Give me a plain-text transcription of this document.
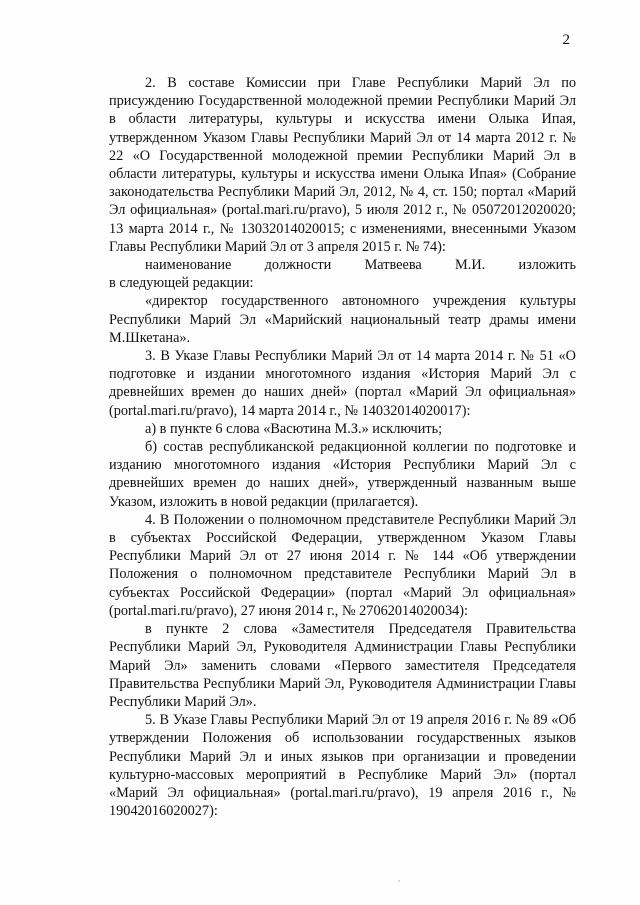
2

2. В составе Комиссии при Главе Республики Марий Эл по присуждению Государственной молодежной премии Республики Марий Эл в области литературы, культуры и искусства имени Олыка Ипая, утвержденном Указом Главы Республики Марий Эл от 14 марта 2012 г. № 22 «О Государственной молодежной премии Республики Марий Эл в области литературы, культуры и искусства имени Олыка Ипая» (Собрание законодательства Республики Марий Эл, 2012, № 4, ст. 150; портал «Марий Эл официальная» (portal.mari.ru/pravo), 5 июля 2012 г., № 05072012020020; 13 марта 2014 г., № 13032014020015; с изменениями, внесенными Указом Главы Республики Марий Эл от 3 апреля 2015 г. № 74):

наименование должности Матвеева М.И. изложить

в следующей редакции:

«директор государственного автономного учреждения культуры Республики Марий Эл «Марийский национальный театр драмы имени М.Шкетана».

3. В Указе Главы Республики Марий Эл от 14 марта 2014 г. № 51 «О подготовке и издании многотомного издания «История Марий Эл с древнейших времен до наших дней» (портал «Марий Эл официальная» (portal.mari.ru/pravo), 14 марта 2014 г., № 14032014020017):

а) в пункте 6 слова «Васютина М.З.» исключить;

б) состав республиканской редакционной коллегии по подготовке и изданию многотомного издания «История Республики Марий Эл с древнейших времен до наших дней», утвержденный названным выше Указом, изложить в новой редакции (прилагается).

4. В Положении о полномочном представителе Республики Марий Эл в субъектах Российской Федерации, утвержденном Указом Главы Республики Марий Эл от 27 июня 2014 г. № 144 «Об утверждении Положения о полномочном представителе Республики Марий Эл в субъектах Российской Федерации» (портал «Марий Эл официальная» (portal.mari.ru/pravo), 27 июня 2014 г., № 27062014020034):

в пункте 2 слова «Заместителя Председателя Правительства Республики Марий Эл, Руководителя Администрации Главы Республики Марий Эл» заменить словами «Первого заместителя Председателя Правительства Республики Марий Эл, Руководителя Администрации Главы Республики Марий Эл».

5. В Указе Главы Республики Марий Эл от 19 апреля 2016 г. № 89 «Об утверждении Положения об использовании государственных языков Республики Марий Эл и иных языков при организации и проведении культурно-массовых мероприятий в Республике Марий Эл» (портал «Марий Эл официальная» (portal.mari.ru/pravo), 19 апреля 2016 г., № 19042016020027):
